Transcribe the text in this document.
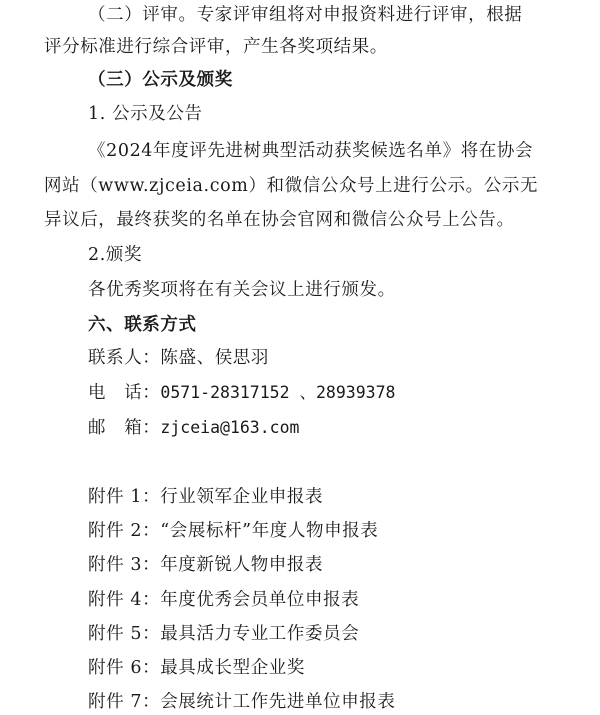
（二）评审。专家评审组将对申报资料进行评审，根据
评分标准进行综合评审，产生各奖项结果。
（三）公示及颁奖
1. 公示及公告
《2024年度评先进树典型活动获奖候选名单》将在协会
网站（www.zjceia.com）和微信公众号上进行公示。公示无
异议后，最终获奖的名单在协会官网和微信公众号上公告。
2.颁奖
各优秀奖项将在有关会议上进行颁发。
六、联系方式
联系人：陈盛、侯思羽
电　话：0571-28317152 、28939378
邮　箱：zjceia@163.com
附件 1：行业领军企业申报表
附件 2：“会展标杆”年度人物申报表
附件 3：年度新锐人物申报表
附件 4：年度优秀会员单位申报表
附件 5：最具活力专业工作委员会
附件 6：最具成长型企业奖
附件 7：会展统计工作先进单位申报表
